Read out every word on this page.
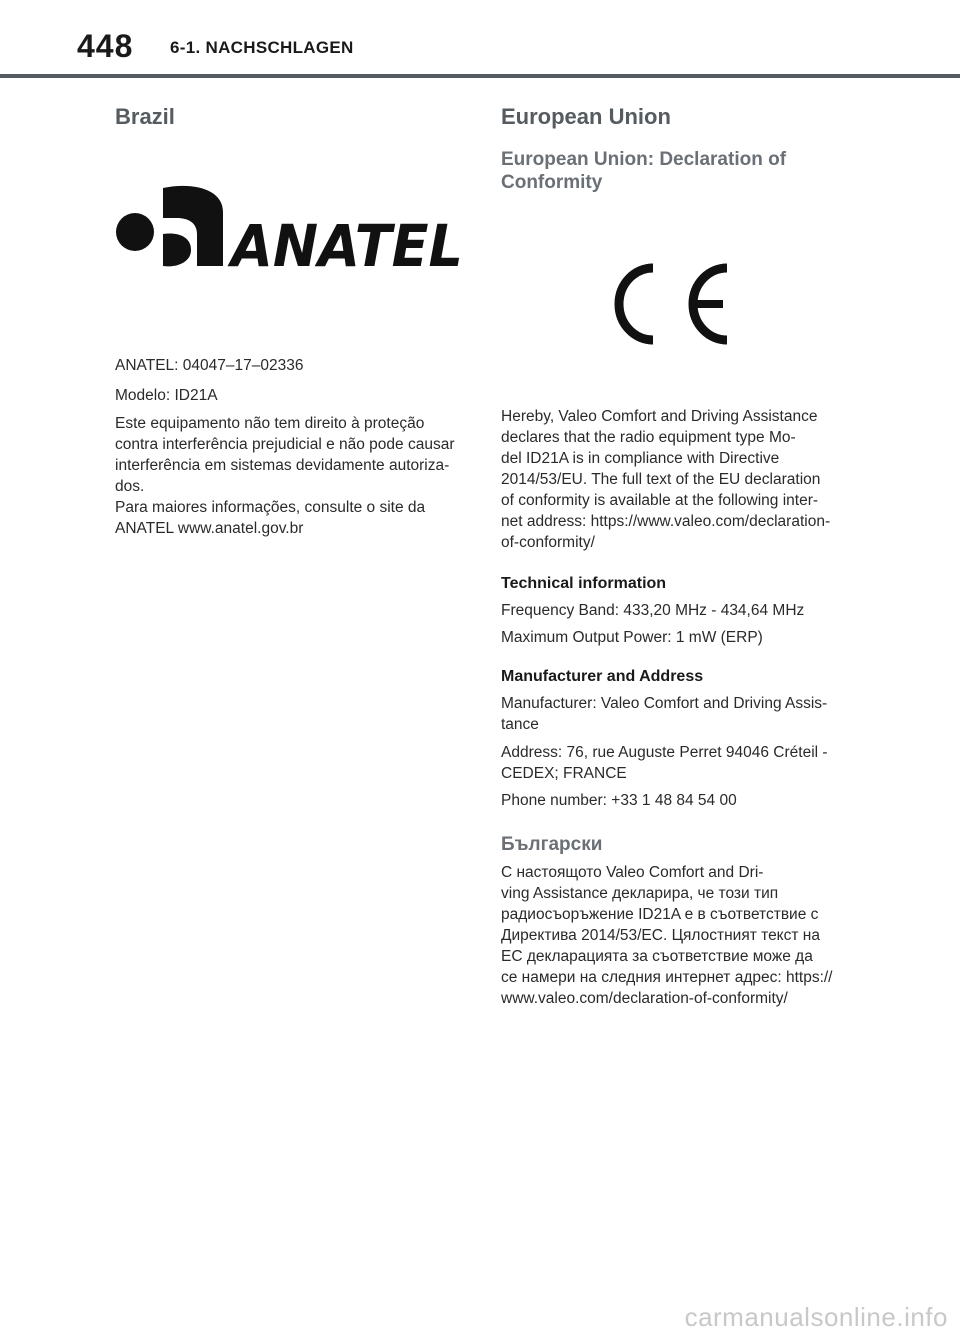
448 6-1. NACHSCHLAGEN
Brazil
ANATEL

ANATEL: 04047–17–02336

Modelo: ID21A

Este equipamento não tem direito à proteção
contra interferência prejudicial e não pode causar
interferência em sistemas devidamente autoriza-
dos.
Para maiores informações, consulte o site da
ANATEL www.anatel.gov.br

European Union
European Union: Declaration of
Conformity

Hereby, Valeo Comfort and Driving Assistance
declares that the radio equipment type Mo-
del ID21A is in compliance with Directive
2014/53/EU. The full text of the EU declaration
of conformity is available at the following inter-
net address: https://www.valeo.com/declaration-
of-conformity/

Technical information

Frequency Band: 433,20 MHz - 434,64 MHz

Maximum Output Power: 1 mW (ERP)

Manufacturer and Address

Manufacturer: Valeo Comfort and Driving Assis-
tance

Address: 76, rue Auguste Perret 94046 Créteil -
CEDEX; FRANCE

Phone number: +33 1 48 84 54 00

Български

С настоящото Valeo Comfort and Dri-
ving Assistance декларира, че този тип
радиосъоръжение ID21A е в съответствие с
Директива 2014/53/ЕС. Цялостният текст на
ЕС декларацията за съответствие може да
се намери на следния интернет адрес: https://
www.valeo.com/declaration-of-conformity/

carmanualsonline.info
